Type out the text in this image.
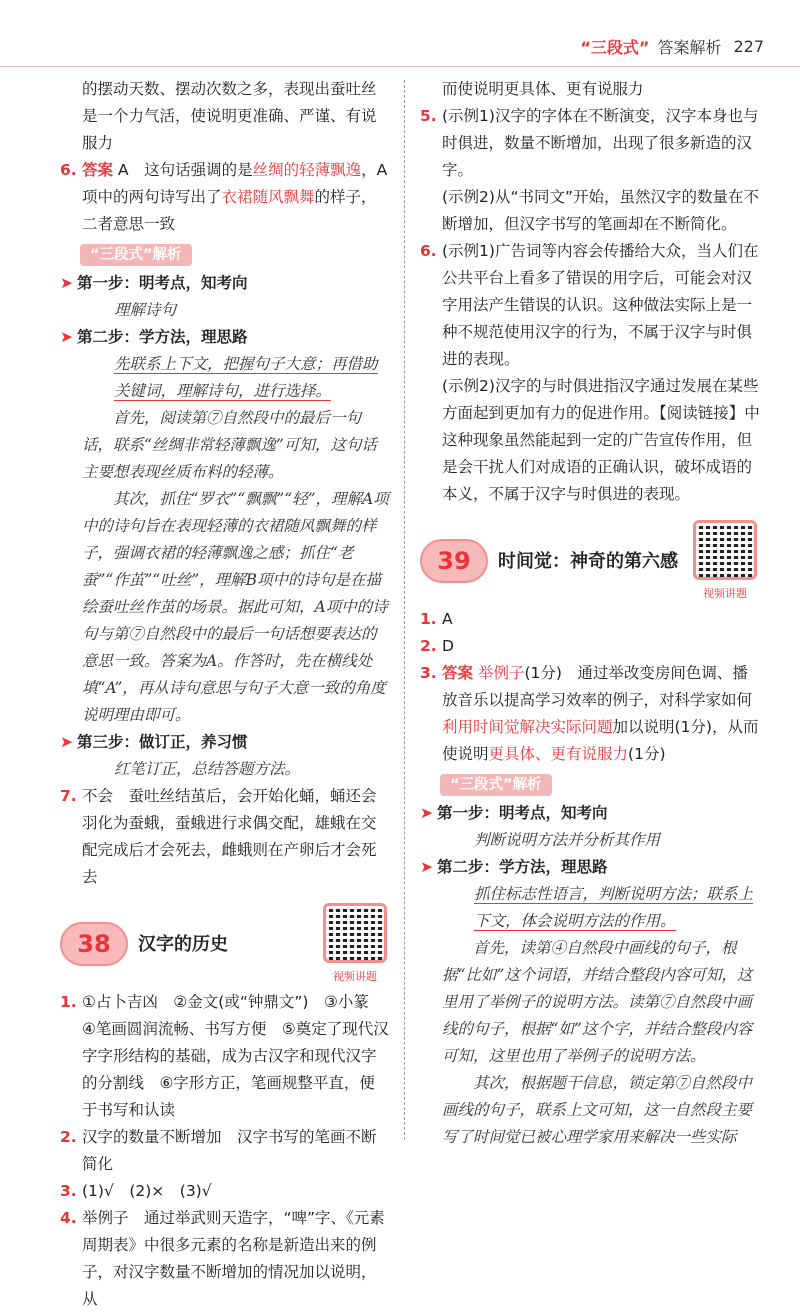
“三段式” 答案解析 227

的摆动天数、摆动次数之多，表现出蚕吐丝是一个力气活，使说明更准确、严谨、有说服力

6. 答案 A　 这句话强调的是丝绸的轻薄飘逸，A项中的两句诗写出了衣裙随风飘舞的样子，二者意思一致

“三段式”解析
➤ 第一步：明考点，知考向

理解诗句

➤ 第二步：学方法，理思路

先联系上下文，把握句子大意；再借助关键词，理解诗句，进行选择。

首先，阅读第⑦自然段中的最后一句话，联系“丝绸非常轻薄飘逸”可知，这句话主要想表现丝质布料的轻薄。

其次，抓住“罗衣”“飘飘”“轻”，理解A项中的诗句旨在表现轻薄的衣裙随风飘舞的样子，强调衣裙的轻薄飘逸之感；抓住“老蚕”“作茧”“吐丝”，理解B项中的诗句是在描绘蚕吐丝作茧的场景。据此可知，A项中的诗句与第⑦自然段中的最后一句话想要表达的意思一致。答案为A。作答时，先在横线处填“A”，再从诗句意思与句子大意一致的角度说明理由即可。

➤ 第三步：做订正，养习惯

红笔订正，总结答题方法。

7. 不会　蚕吐丝结茧后，会开始化蛹，蛹还会羽化为蚕蛾，蚕蛾进行求偶交配，雄蛾在交配完成后才会死去，雌蛾则在产卵后才会死去

38	汉字的历史
视频讲题
1. ①占卜吉凶　②金文(或“钟鼎文”)　③小篆　④笔画圆润流畅、书写方便　⑤奠定了现代汉字字形结构的基础，成为古汉字和现代汉字的分割线　⑥字形方正，笔画规整平直，便于书写和认读

2. 汉字的数量不断增加　汉字书写的笔画不断简化

3. (1)√　(2)×　(3)√

4. 举例子　通过举武则天造字，“啤”字、《元素周期表》中很多元素的名称是新造出来的例子，对汉字数量不断增加的情况加以说明，从

而使说明更具体、更有说服力

5. (示例1)汉字的字体在不断演变，汉字本身也与时俱进，数量不断增加，出现了很多新造的汉字。

(示例2)从“书同文”开始，虽然汉字的数量在不断增加，但汉字书写的笔画却在不断简化。

6. (示例1)广告词等内容会传播给大众，当人们在公共平台上看多了错误的用字后，可能会对汉字用法产生错误的认识。这种做法实际上是一种不规范使用汉字的行为，不属于汉字与时俱进的表现。

(示例2)汉字的与时俱进指汉字通过发展在某些方面起到更加有力的促进作用。【阅读链接】中这种现象虽然能起到一定的广告宣传作用，但是会干扰人们对成语的正确认识，破坏成语的本义，不属于汉字与时俱进的表现。

39	时间觉：神奇的第六感
视频讲题
1. A

2. D

3. 答案 举例子(1分)　通过举改变房间色调、播放音乐以提高学习效率的例子，对科学家如何利用时间觉解决实际问题加以说明(1分)，从而使说明更具体、更有说服力(1分)

“三段式”解析
➤ 第一步：明考点，知考向

判断说明方法并分析其作用

➤ 第二步：学方法，理思路

抓住标志性语言，判断说明方法；联系上下文，体会说明方法的作用。

首先，读第④自然段中画线的句子，根据“比如”这个词语，并结合整段内容可知，这里用了举例子的说明方法。读第⑦自然段中画线的句子，根据“如”这个字，并结合整段内容可知，这里也用了举例子的说明方法。

其次，根据题干信息，锁定第⑦自然段中画线的句子，联系上文可知，这一自然段主要写了时间觉已被心理学家用来解决一些实际
